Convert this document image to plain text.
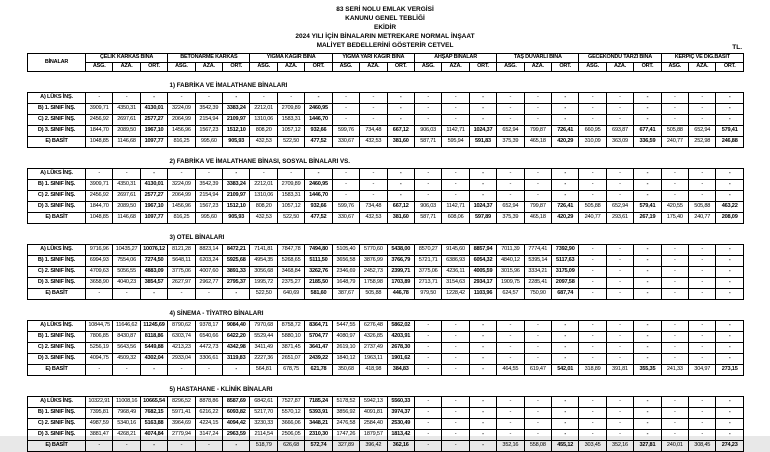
83 SERİ NOLU EMLAK VERGİSİ
KANUNU GENEL TEBLİĞİ
EKİDİR
2024 YILI İÇİN BİNALARIN METREKARE NORMAL İNŞAAT
MALİYET BEDELLERİNİ GÖSTERİR CETVEL	TL.
BİNALAR	ÇELİK KARKAS BİNA			BETONARME KARKAS			YIĞMA KAGİR BİNA			YIĞMA YARI KAGİR BİNA			AHŞAP BİNALAR			TAŞ DUVARLI BİNA			GECEKONDU TARZI BİNA			KERPİÇ VE DİĞ.BASİT		
	ASG.	AZA.	ORT.	ASG.	AZA.	ORT.	ASG.	AZA.	ORT.	ASG.	AZA.	ORT.	ASG.	AZA.	ORT.	ASG.	AZA.	ORT.	ASG.	AZA.	ORT.	ASG.	AZA.	ORT.
1) FABRİKA VE İMALATHANE BİNALARI																								
A) LÜKS İNŞ.	-	-	-	-	-	-	-	-	-	-	-	-	-	-	-	-	-	-	-	-	-	-	-	-
B) 1. SINIF İNŞ.	3909,71	4350,31	4130,01	3224,09	3542,39	3383,24	2212,01	2709,89	2460,95	-	-	-	-	-	-	-	-	-	-	-	-	-	-	-
C) 2. SINIF İNŞ.	2456,92	2697,61	2577,27	2064,99	2154,94	2109,97	1310,06	1583,31	1446,70	-	-	-	-	-	-	-	-	-	-	-	-	-	-	-
D) 3. SINIF İNŞ.	1844,70	2089,50	1967,10	1456,96	1567,23	1512,10	808,20	1057,12	932,66	599,76	734,48	667,12	906,03	1142,71	1024,37	652,94	799,87	726,41	660,95	693,87	677,41	505,88	652,94	579,41
E) BASİT	1048,85	1146,68	1097,77	816,25	995,60	905,93	432,53	522,50	477,52	330,67	432,53	381,60	587,71	595,94	591,83	375,39	465,18	420,29	310,09	363,09	336,59	240,77	252,98	246,88
2) FABRİKA VE İMALATHANE BİNASI, SOSYAL BİNALARI VS.																								
A) LÜKS İNŞ.	-	-	-	-	-	-	-	-	-	-	-	-	-	-	-	-	-	-	-	-	-	-	-	-
B) 1. SINIF İNŞ.	3909,71	4350,31	4130,01	3224,09	3542,39	3383,24	2212,01	2709,89	2460,95	-	-	-	-	-	-	-	-	-	-	-	-	-	-	-
C) 2. SINIF İNŞ.	2456,92	2697,61	2577,27	2064,99	2154,94	2109,97	1310,06	1583,31	1446,70	-	-	-	-	-	-	-	-	-	-	-	-	-	-	-
D) 3. SINIF İNŞ.	1844,70	2089,50	1967,10	1456,96	1567,23	1512,10	808,20	1057,12	932,66	599,76	734,48	667,12	906,03	1142,71	1024,37	652,94	799,87	726,41	505,88	652,94	579,41	420,55	505,88	463,22
E) BASİT	1048,85	1146,68	1097,77	816,25	995,60	905,93	432,53	522,50	477,52	330,67	432,53	381,60	587,71	608,06	597,89	375,39	465,18	420,29	240,77	293,61	267,19	175,40	240,77	208,09
3) OTEL BİNALARI																								
A) LÜKS İNŞ.	9716,96	10435,27	10076,12	8121,28	8823,14	8472,21	7141,81	7847,78	7494,80	5105,40	5770,60	5438,00	8570,27	9145,60	8857,94	7011,39	7774,41	7392,90	-	-	-	-	-	-
B) 1. SINIF İNŞ.	6994,93	7554,06	7274,50	5648,11	6203,24	5925,68	4954,35	5268,65	5111,50	3656,58	3876,99	3766,79	5721,71	6386,93	6054,32	4840,12	5395,14	5117,63	-	-	-	-	-	-
C) 2. SINIF İNŞ.	4709,63	5056,55	4883,09	3775,06	4007,60	3891,33	3056,68	3468,84	3262,76	2346,69	2452,73	2399,71	3775,06	4236,11	4005,59	3015,96	3334,21	3175,09	-	-	-	-	-	-
D) 3. SINIF İNŞ.	3658,90	4040,23	3854,57	2627,97	2962,77	2795,37	1995,72	2375,27	2185,50	1648,79	1758,98	1703,89	2713,71	3154,63	2934,17	1909,75	2285,41	2097,58	-	-	-	-	-	-
E) BASİT	-	-	-	-	-	-	522,50	640,69	581,60	387,67	505,88	446,78	979,50	1228,42	1103,96	624,57	750,90	687,74	-	-	-	-	-	-
4) SİNEMA - TİYATRO BİNALARI																								
A) LÜKS İNŞ.	10844,75	11646,62	11245,69	8790,62	9378,17	9084,40	7970,68	8758,72	8364,71	5447,55	6276,48	5862,02	-	-	-	-	-	-	-	-	-	-	-	-
B) 1. SINIF İNŞ.	7806,85	8430,87	8118,86	6303,74	6540,66	6422,20	5529,44	5880,10	5704,77	4080,97	4326,85	4203,91	-	-	-	-	-	-	-	-	-	-	-	-
C) 2. SINIF İNŞ.	5256,19	5643,56	5449,88	4213,23	4472,73	4342,98	3411,49	3871,45	3641,47	2619,10	2737,49	2678,30	-	-	-	-	-	-	-	-	-	-	-	-
D) 3. SINIF İNŞ.	4094,75	4509,32	4302,04	2933,04	3306,61	3119,83	2227,36	2651,07	2439,22	1840,12	1963,11	1901,62	-	-	-	-	-	-	-	-	-	-	-	-
E) BASİT	-	-	-	-	-	-	564,81	678,75	621,78	350,68	418,98	384,83	-	-	-	464,55	619,47	542,01	318,89	391,81	355,35	241,33	304,97	273,15
5) HASTAHANE - KLİNİK BİNALARI																								
A) LÜKS İNŞ.	10322,91	11008,16	10665,54	8296,52	8878,86	8587,69	6842,61	7527,87	7185,24	5178,52	5942,13	5560,33	-	-	-	-	-	-	-	-	-	-	-	-
B) 1. SINIF İNŞ.	7395,81	7968,49	7682,15	5971,41	6216,22	6093,82	5217,70	5570,12	5393,91	3856,92	4091,81	3974,37	-	-	-	-	-	-	-	-	-	-	-	-
C) 2. SINIF İNŞ.	4987,59	5340,16	5163,88	3964,69	4224,15	4094,42	3230,33	3666,06	3448,21	2476,58	2584,40	2530,49	-	-	-	-	-	-	-	-	-	-	-	-
D) 3. SINIF İNŞ.	3881,47	4268,21	4074,84	2779,94	3147,24	2963,59	2114,54	2506,05	2310,30	1747,26	1879,57	1813,42	-	-	-	-	-	-	-	-	-	-	-	-
E) BASİT	-	-	-	-	-	-	518,79	626,68	572,74	327,89	396,42	362,16	-	-	-	352,16	558,08	455,12	303,45	352,16	327,81	240,01	308,45	274,23
